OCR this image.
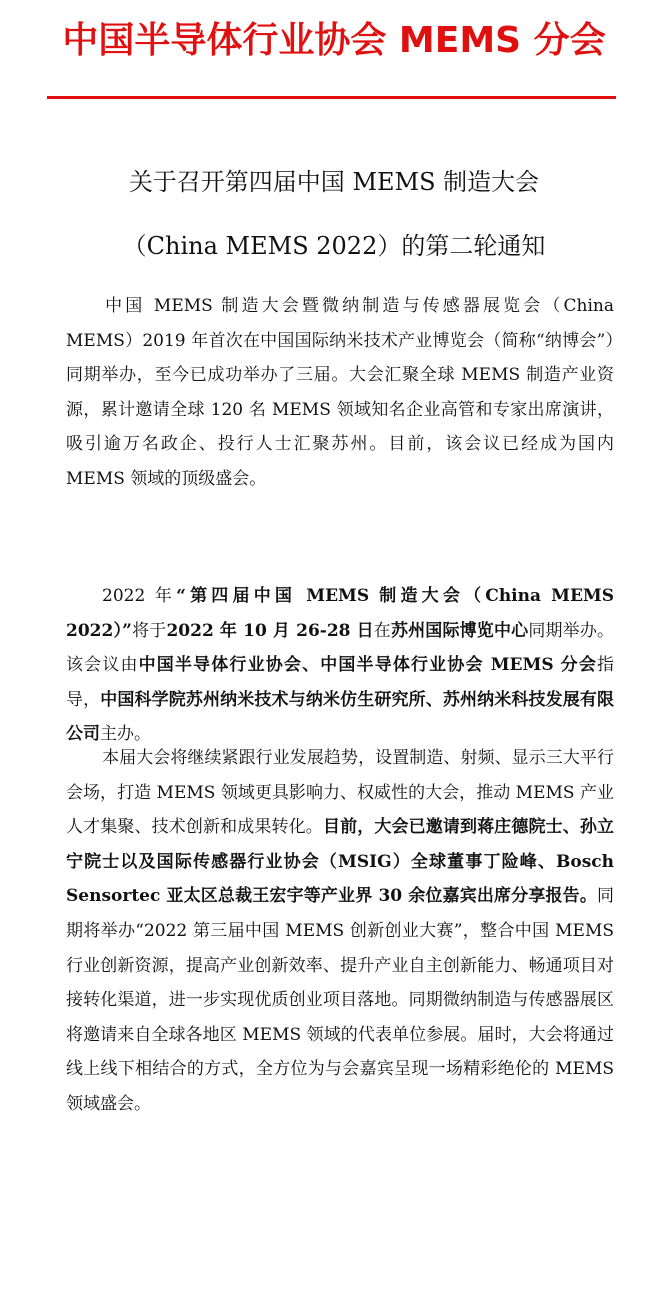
中国半导体行业协会 MEMS 分会
关于召开第四届中国 MEMS 制造大会
（China MEMS 2022）的第二轮通知
中国 MEMS 制造大会暨微纳制造与传感器展览会（China MEMS）2019 年首次在中国国际纳米技术产业博览会（简称“纳博会”）同期举办，至今已成功举办了三届。大会汇聚全球 MEMS 制造产业资源，累计邀请全球 120 名 MEMS 领域知名企业高管和专家出席演讲，吸引逾万名政企、投行人士汇聚苏州。目前，该会议已经成为国内 MEMS 领域的顶级盛会。
2022 年“第四届中国 MEMS 制造大会（China MEMS 2022）”将于2022 年 10 月 26-28 日在苏州国际博览中心同期举办。该会议由中国半导体行业协会、中国半导体行业协会 MEMS 分会指导，中国科学院苏州纳米技术与纳米仿生研究所、苏州纳米科技发展有限公司主办。
本届大会将继续紧跟行业发展趋势，设置制造、射频、显示三大平行会场，打造 MEMS 领域更具影响力、权威性的大会，推动 MEMS 产业人才集聚、技术创新和成果转化。目前，大会已邀请到蒋庄德院士、孙立宁院士以及国际传感器行业协会（MSIG）全球董事丁险峰、Bosch Sensortec 亚太区总裁王宏宇等产业界 30 余位嘉宾出席分享报告。同期将举办“2022 第三届中国 MEMS 创新创业大赛”，整合中国 MEMS 行业创新资源，提高产业创新效率、提升产业自主创新能力、畅通项目对接转化渠道，进一步实现优质创业项目落地。同期微纳制造与传感器展区将邀请来自全球各地区 MEMS 领域的代表单位参展。届时，大会将通过线上线下相结合的方式，全方位为与会嘉宾呈现一场精彩绝伦的 MEMS 领域盛会。
